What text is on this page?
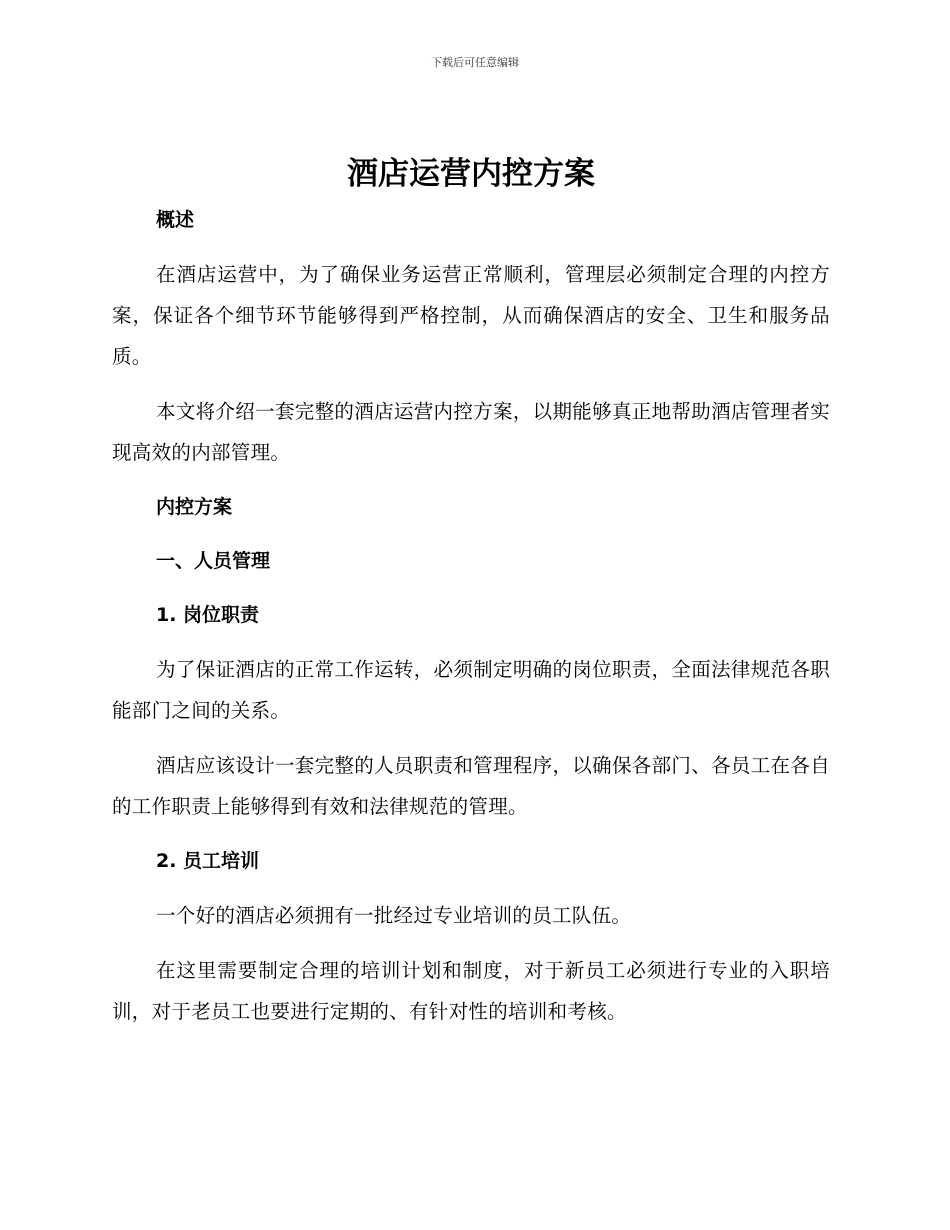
下载后可任意编辑
酒店运营内控方案
概述

在酒店运营中，为了确保业务运营正常顺利，管理层必须制定合理的内控方案，保证各个细节环节能够得到严格控制，从而确保酒店的安全、卫生和服务品质。

本文将介绍一套完整的酒店运营内控方案，以期能够真正地帮助酒店管理者实现高效的内部管理。

内控方案
一、人员管理
1. 岗位职责

为了保证酒店的正常工作运转，必须制定明确的岗位职责，全面法律规范各职能部门之间的关系。

酒店应该设计一套完整的人员职责和管理程序，以确保各部门、各员工在各自的工作职责上能够得到有效和法律规范的管理。

2. 员工培训

一个好的酒店必须拥有一批经过专业培训的员工队伍。

在这里需要制定合理的培训计划和制度，对于新员工必须进行专业的入职培训，对于老员工也要进行定期的、有针对性的培训和考核。
